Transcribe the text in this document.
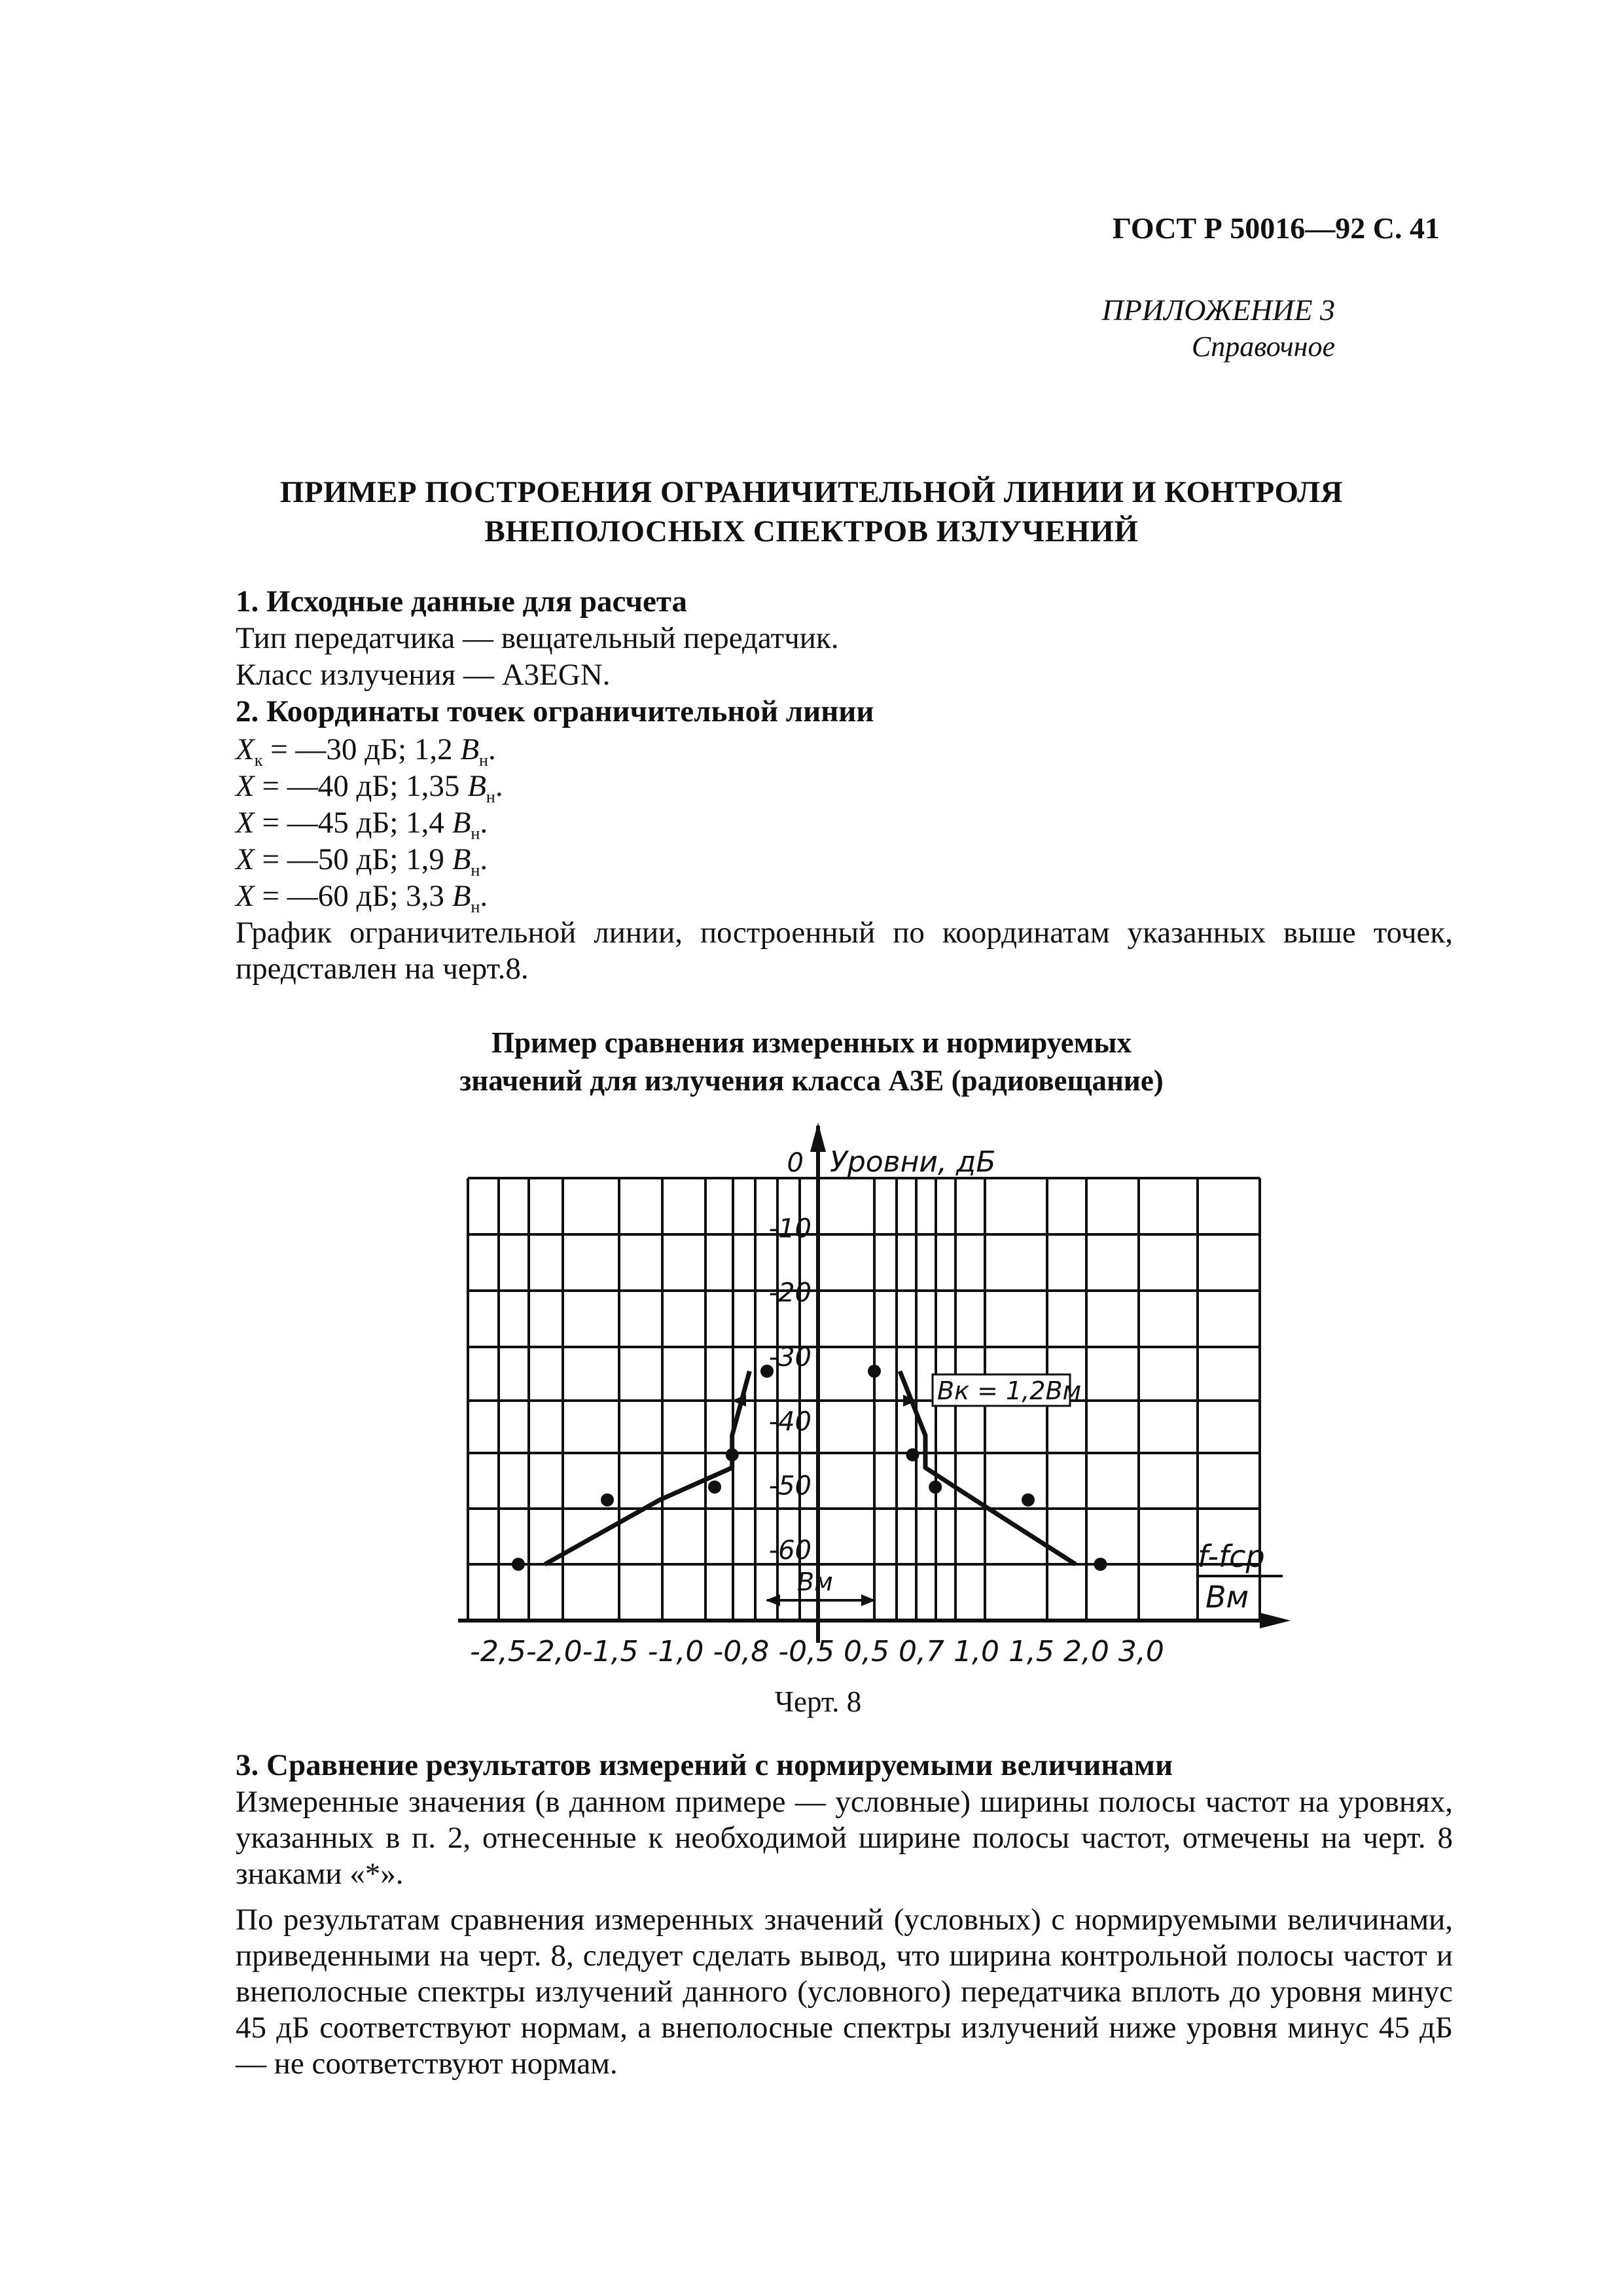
ГОСТ Р 50016—92 С. 41
ПРИЛОЖЕНИЕ 3
Справочное
ПРИМЕР ПОСТРОЕНИЯ ОГРАНИЧИТЕЛЬНОЙ ЛИНИИ И КОНТРОЛЯ
ВНЕПОЛОСНЫХ СПЕКТРОВ ИЗЛУЧЕНИЙ
1. Исходные данные для расчета
Тип передатчика — вещательный передатчик.
Класс излучения — A3EGN.
2. Координаты точек ограничительной линии
$X_к$ = —30 дБ; 1,2 $B_н$.
X = —40 дБ; 1,35 $B_н$.
X = —45 дБ; 1,4 $B_н$.
X = —50 дБ; 1,9 $B_н$.
X = —60 дБ; 3,3 $B_н$.
График ограничительной линии, построенный по координатам указанных выше точек, представлен на черт.8.
Пример сравнения измеренных и нормируемых
значений для излучения класса А3Е (радиовещание)
0
-10
-20
-30
-40
-50
-60
Уровни, дБ
-2,5-2,0-1,5 -1,0 -0,8 -0,5 0,5 0,7 1,0 1,5 2,0 3,0
f-fср
Вм
Вк = 1,2Вм
Вм
Черт. 8
3. Сравнение результатов измерений с нормируемыми величинами
Измеренные значения (в данном примере — условные) ширины полосы частот на уровнях, указанных в п. 2, отнесенные к необходимой ширине полосы частот, отмечены на черт. 8 знаками «*».
По результатам сравнения измеренных значений (условных) с нормируемыми величинами, приведенными на черт. 8, следует сделать вывод, что ширина контрольной полосы частот и внеполосные спектры излучений данного (условного) передатчика вплоть до уровня минус 45 дБ соответствуют нормам, а внеполосные спектры излучений ниже уровня минус 45 дБ — не соответствуют нормам.
